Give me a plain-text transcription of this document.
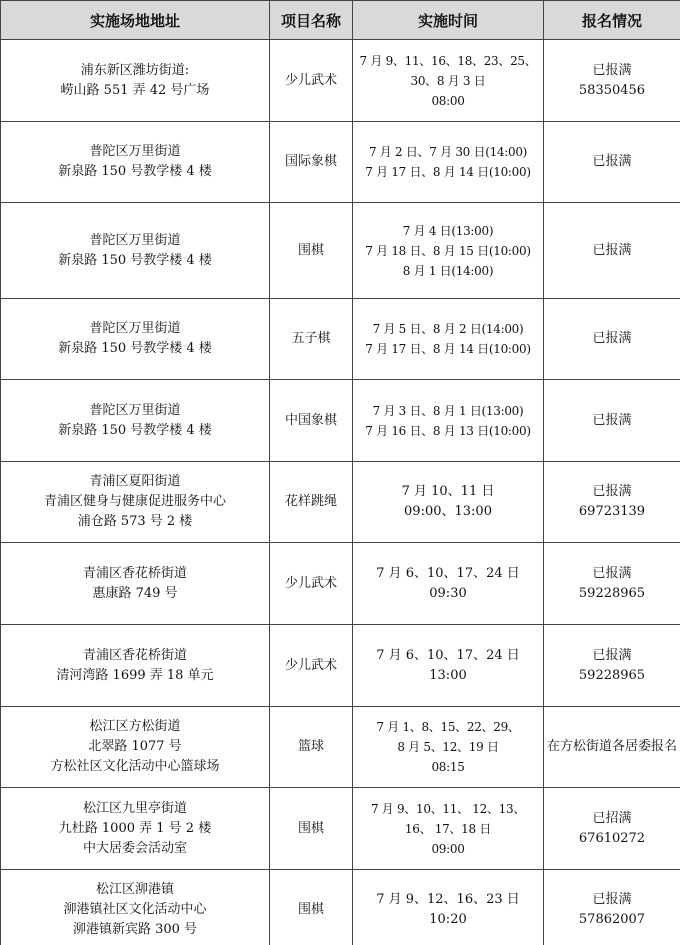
实施场地地址	项目名称	实施时间	报名情况

浦东新区潍坊街道:
崂山路 551 弄 42 号广场	少儿武术	7 月 9、11、16、18、23、25、
30、8 月 3 日
08:00	已报满
58350456

普陀区万里街道
新泉路 150 号教学楼 4 楼	国际象棋	7 月 2 日、7 月 30 日(14:00)
7 月 17 日、8 月 14 日(10:00)	已报满

普陀区万里街道
新泉路 150 号教学楼 4 楼	围棋	7 月 4 日(13:00)
7 月 18 日、8 月 15 日(10:00)
8 月 1 日(14:00)	已报满

普陀区万里街道
新泉路 150 号教学楼 4 楼	五子棋	7 月 5 日、8 月 2 日(14:00)
7 月 17 日、8 月 14 日(10:00)	已报满

普陀区万里街道
新泉路 150 号教学楼 4 楼	中国象棋	7 月 3 日、8 月 1 日(13:00)
7 月 16 日、8 月 13 日(10:00)	已报满

青浦区夏阳街道
青浦区健身与健康促进服务中心
浦仓路 573 号 2 楼	花样跳绳	7 月 10、11 日
09:00、13:00	已报满
69723139

青浦区香花桥街道
惠康路 749 号	少儿武术	7 月 6、10、17、24 日
09:30	已报满
59228965

青浦区香花桥街道
清河湾路 1699 弄 18 单元	少儿武术	7 月 6、10、17、24 日
13:00	已报满
59228965

松江区方松街道
北翠路 1077 号
方松社区文化活动中心篮球场	篮球	7 月 1、8、15、22、29、
8 月 5、12、19 日
08:15	在方松街道各居委报名

松江区九里亭街道
九杜路 1000 弄 1 号 2 楼
中大居委会活动室	围棋	7 月 9、10、11、 12、13、
16、 17、18 日
09:00	已招满
67610272

松江区泖港镇
泖港镇社区文化活动中心
泖港镇新宾路 300 号	围棋	7 月 9、12、16、23 日
10:20	已报满
57862007
